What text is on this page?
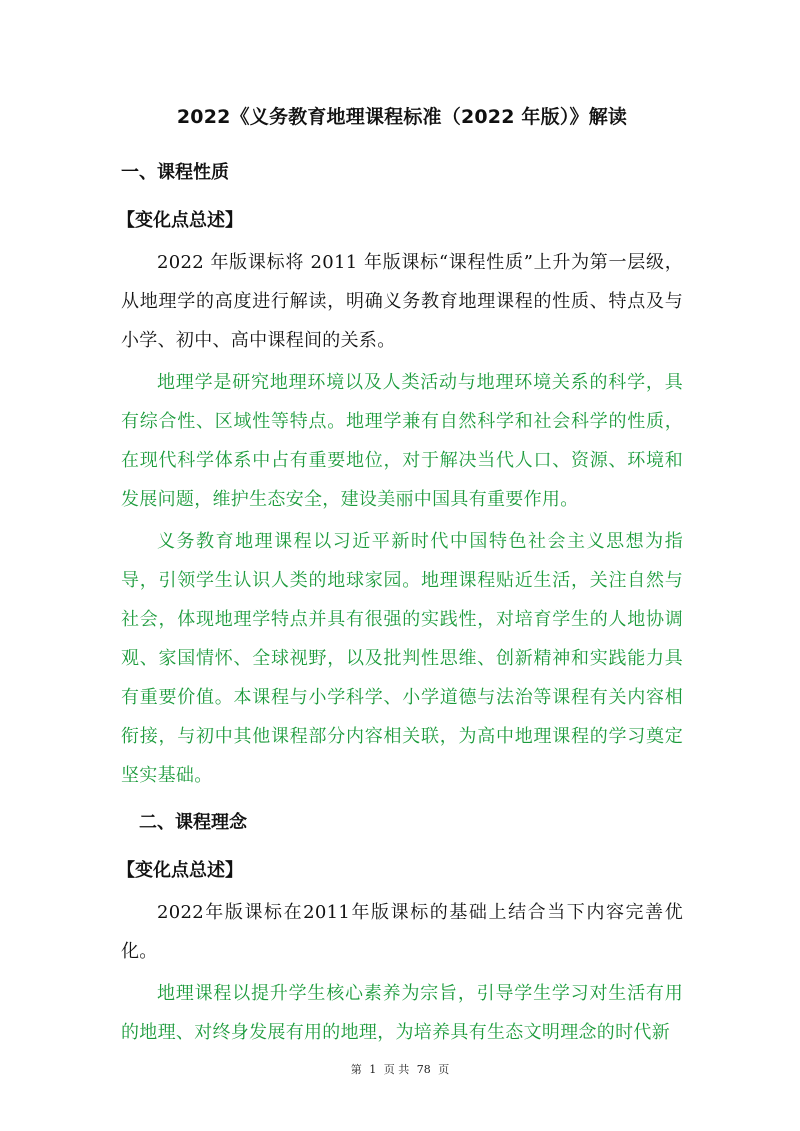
2022《义务教育地理课程标准（2022 年版）》解读
一、课程性质
【变化点总述】

2022 年版课标将 2011 年版课标“课程性质”上升为第一层级，从地理学的高度进行解读，明确义务教育地理课程的性质、特点及与小学、初中、高中课程间的关系。

地理学是研究地理环境以及人类活动与地理环境关系的科学，具有综合性、区域性等特点。地理学兼有自然科学和社会科学的性质，在现代科学体系中占有重要地位，对于解决当代人口、资源、环境和发展问题，维护生态安全，建设美丽中国具有重要作用。

义务教育地理课程以习近平新时代中国特色社会主义思想为指导，引领学生认识人类的地球家园。地理课程贴近生活，关注自然与社会，体现地理学特点并具有很强的实践性，对培育学生的人地协调观、家国情怀、全球视野，以及批判性思维、创新精神和实践能力具有重要价值。本课程与小学科学、小学道德与法治等课程有关内容相衔接，与初中其他课程部分内容相关联，为高中地理课程的学习奠定坚实基础。

二、课程理念
【变化点总述】

2022年版课标在2011年版课标的基础上结合当下内容完善优化。

地理课程以提升学生核心素养为宗旨，引导学生学习对生活有用的地理、对终身发展有用的地理，为培养具有生态文明理念的时代新

第 1 页 共 78 页
